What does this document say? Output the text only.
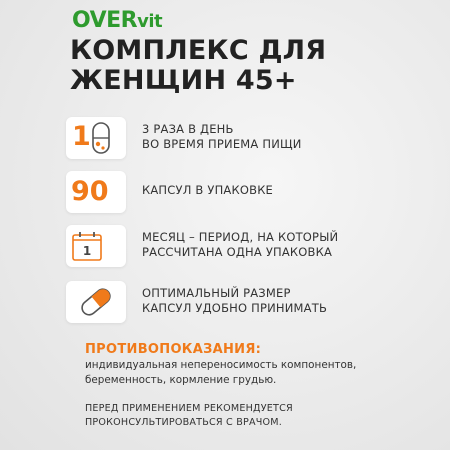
OVERvit
КОМПЛЕКС ДЛЯ
ЖЕНЩИН 45+
1	3 РАЗА В ДЕНЬ
ВО ВРЕМЯ ПРИЕМА ПИЩИ
90	КАПСУЛ В УПАКОВКЕ
1
МЕСЯЦ – ПЕРИОД, НА КОТОРЫЙ
РАССЧИТАНА ОДНА УПАКОВКА
ОПТИМАЛЬНЫЙ РАЗМЕР
КАПСУЛ УДОБНО ПРИНИМАТЬ
ПРОТИВОПОКАЗАНИЯ:
индивидуальная непереносимость компонентов,
беременность, кормление грудью.
ПЕРЕД ПРИМЕНЕНИЕМ РЕКОМЕНДУЕТСЯ
ПРОКОНСУЛЬТИРОВАТЬСЯ С ВРАЧОМ.
